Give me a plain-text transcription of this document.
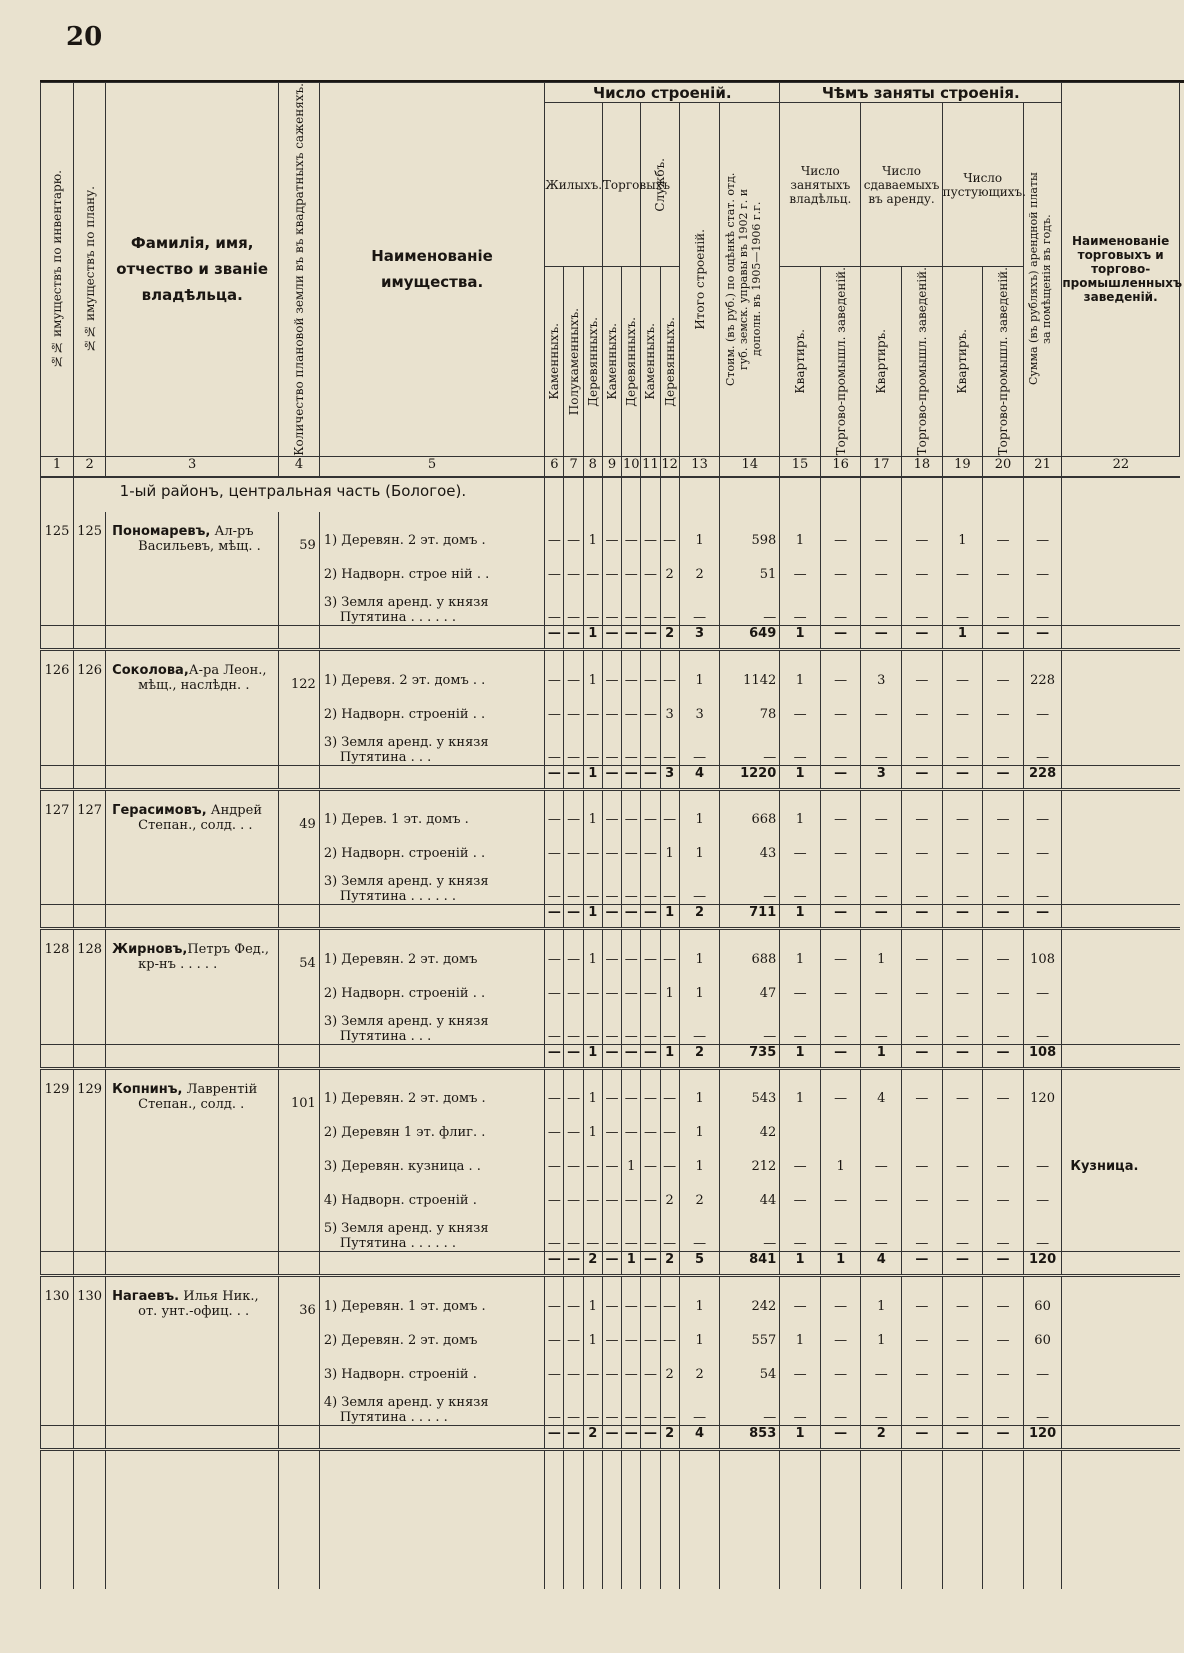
20
№№ имуществъ по инвентарю.	№№ имуществъ по плану.	Фамилія, имя, отчество и званіе владѣльца.	Количество плановой земли въ въ квадратныхъ саженяхъ.	Наименованіе имущества.	Число строеній.									Чѣмъ заняты строенія.							Наименованіе торговыхъ и торгово-промышленныхъ заведеній.
					Жилыхъ.			Торговыхъ		Службъ.		Итого строеній.	Стоим. (въ руб.) по оцѣнкѣ стат. отд. губ. земск. управы въ 1902 г. и дополн. въ 1905—1906 г.г.	Число занятыхъ владѣльц.		Число сдаваемыхъ въ аренду.		Число пустующихъ.		Сумма (въ рубляхъ) арендной платы за помѣщенія въ годъ.	

					Каменныхъ.	Полукаменныхъ.	Деревянныхъ.	Каменныхъ.	Деревянныхъ.	Каменныхъ.	Деревянныхъ.			Квартиръ.	Торгово-промышл. заведеній.	Квартиръ.	Торгово-промышл. заведеній.	Квартиръ.	Торгово-промышл. заведеній.		

1	2	3	4	5	6	7	8	9	10	11	12	13	14	15	16	17	18	19	20	21	22
		1-ый районъ, центральная часть (Бологое).																			

125	125	Пономаревъ, Ал-ръ
Васильевъ, мѣщ. .	59	1) Деревян. 2 эт. домъ .	—	—	1	—	—	—	—	1	598	1	—	—	—	1	—	—	

				2) Надворн. строе ній . .	—	—	—	—	—	—	2	2	51	—	—	—	—	—	—	—	

				3) Земля аренд. у князя
Путятина . . . . . .	—	—	—	—	—	—	—	—	—	—	—	—	—	—	—	—	
					—	—	1	—	—	—	2	3	649	1	—	—	—	1	—	—	

126	126	Соколова,А-ра Леон.,
мѣщ., наслѣдн. .	122	1) Деревя. 2 эт. домъ . .	—	—	1	—	—	—	—	1	1142	1	—	3	—	—	—	228	

				2) Надворн. строеній . .	—	—	—	—	—	—	3	3	78	—	—	—	—	—	—	—	

				3) Земля аренд. у князя
Путятина . . .	—	—	—	—	—	—	—	—	—	—	—	—	—	—	—	—	
					—	—	1	—	—	—	3	4	1220	1	—	3	—	—	—	228	

127	127	Герасимовъ, Андрей
Степан., солд. . .	49	1) Дерев. 1 эт. домъ .	—	—	1	—	—	—	—	1	668	1	—	—	—	—	—	—	

				2) Надворн. строеній . .	—	—	—	—	—	—	1	1	43	—	—	—	—	—	—	—	

				3) Земля аренд. у князя
Путятина . . . . . .	—	—	—	—	—	—	—	—	—	—	—	—	—	—	—	—	
					—	—	1	—	—	—	1	2	711	1	—	—	—	—	—	—	

128	128	Жирновъ,Петръ Фед.,
кр-нъ . . . . .	54	1) Деревян. 2 эт. домъ	—	—	1	—	—	—	—	1	688	1	—	1	—	—	—	108	

				2) Надворн. строеній . .	—	—	—	—	—	—	1	1	47	—	—	—	—	—	—	—	

				3) Земля аренд. у князя
Путятина . . .	—	—	—	—	—	—	—	—	—	—	—	—	—	—	—	—	
					—	—	1	—	—	—	1	2	735	1	—	1	—	—	—	108	

129	129	Копнинъ, Лаврентій
Степан., солд. .	101	1) Деревян. 2 эт. домъ .	—	—	1	—	—	—	—	1	543	1	—	4	—	—	—	120	

				2) Деревян 1 эт. флиг. .	—	—	1	—	—	—	—	1	42								

				3) Деревян. кузница . .	—	—	—	—	1	—	—	1	212	—	1	—	—	—	—	—	Кузница.

				4) Надворн. строеній .	—	—	—	—	—	—	2	2	44	—	—	—	—	—	—	—	

				5) Земля аренд. у князя
Путятина . . . . . .	—	—	—	—	—	—	—	—	—	—	—	—	—	—	—	—	
					—	—	2	—	1	—	2	5	841	1	1	4	—	—	—	120	

130	130	Нагаевъ. Илья Ник.,
от. унт.-офиц. . .	36	1) Деревян. 1 эт. домъ .	—	—	1	—	—	—	—	1	242	—	—	1	—	—	—	60	

				2) Деревян. 2 эт. домъ	—	—	1	—	—	—	—	1	557	1	—	1	—	—	—	60	

				3) Надворн. строеній .	—	—	—	—	—	—	2	2	54	—	—	—	—	—	—	—	

				4) Земля аренд. у князя
Путятина . . . . .	—	—	—	—	—	—	—	—	—	—	—	—	—	—	—	—	
					—	—	2	—	—	—	2	4	853	1	—	2	—	—	—	120	
